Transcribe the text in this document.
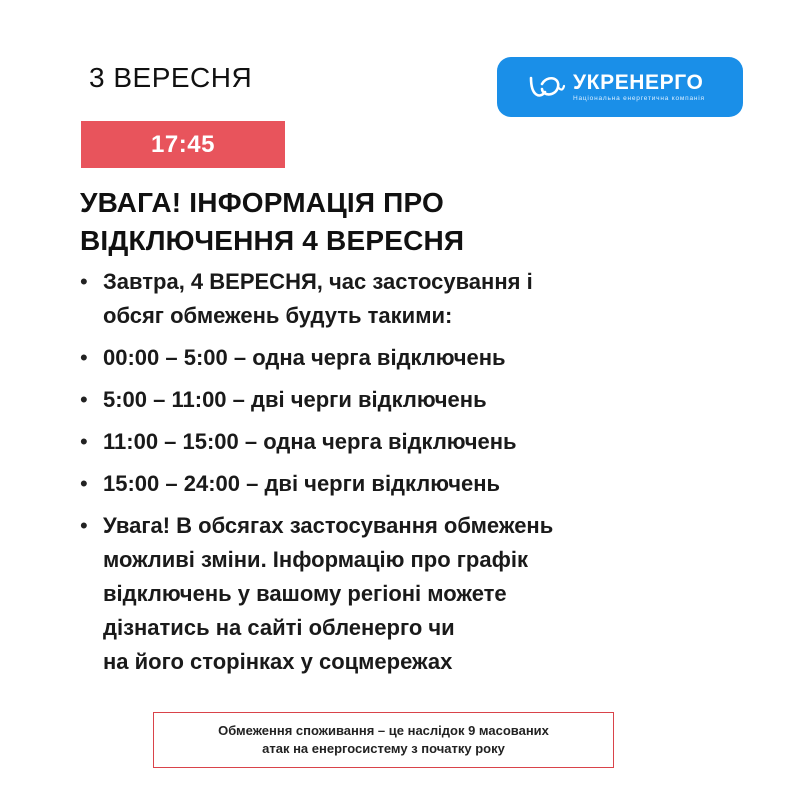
3 ВЕРЕСНЯ	УКРЕНЕРГО
Національна енергетична компанія
17:45
УВАГА! ІНФОРМАЦІЯ ПРО
ВІДКЛЮЧЕННЯ 4 ВЕРЕСНЯ
• Завтра, 4 ВЕРЕСНЯ, час застосування і
обсяг обмежень будуть такими:
• 00:00 – 5:00 – одна черга відключень
• 5:00 – 11:00 – дві черги відключень
• 11:00 – 15:00 – одна черга відключень
• 15:00 – 24:00 – дві черги відключень
• Увага! В обсягах застосування обмежень
можливі зміни. Інформацію про графік
відключень у вашому регіоні можете
дізнатись на сайті обленерго чи
на його сторінках у соцмережах
Обмеження споживання – це наслідок 9 масованих
атак на енергосистему з початку року
